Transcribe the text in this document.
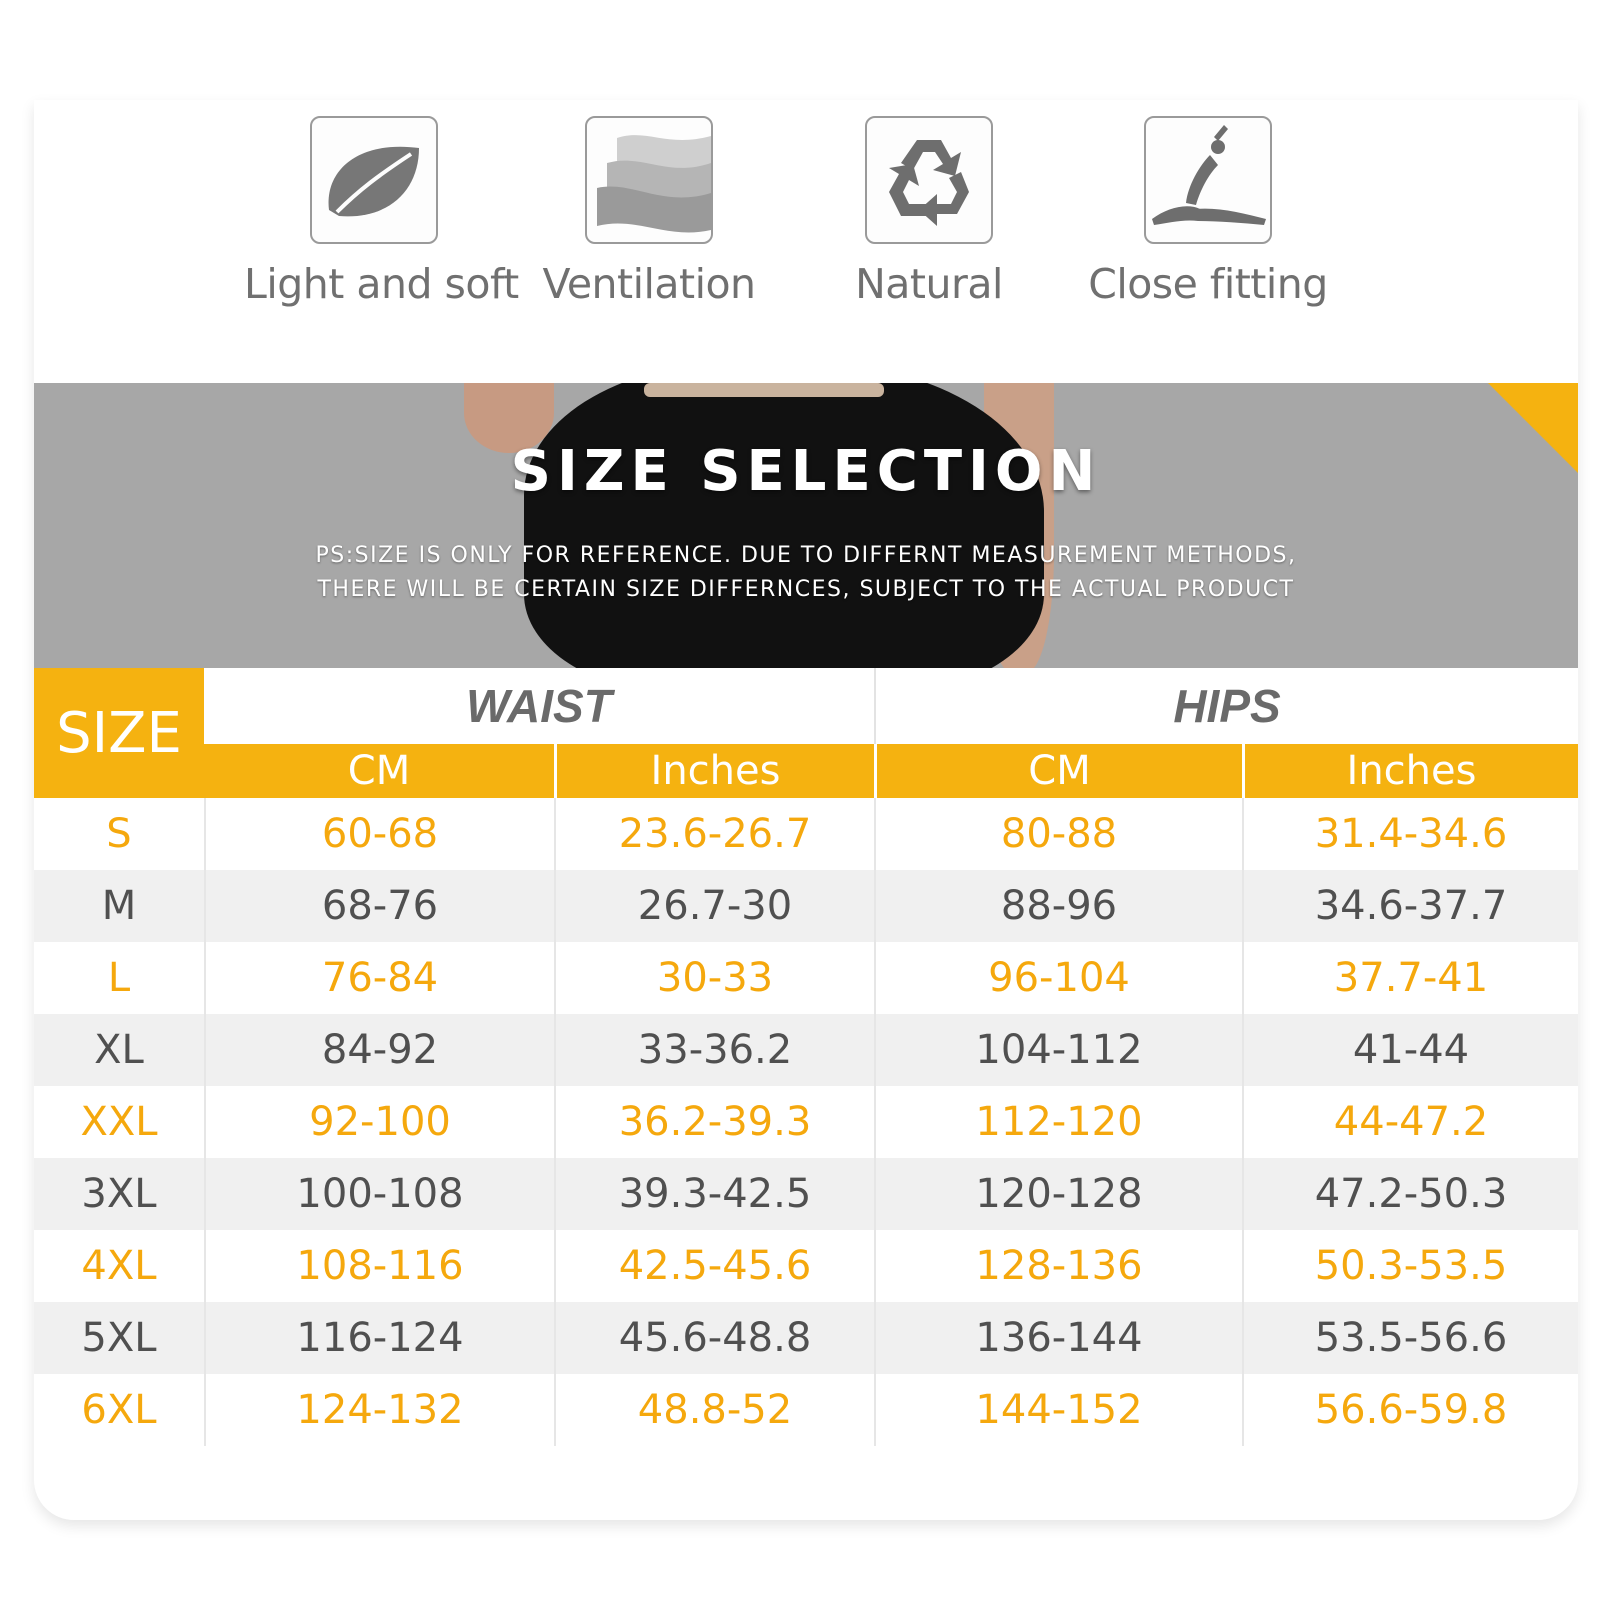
Light and soft Ventilation	Natural	Close fitting
SIZE SELECTION
PS:SIZE IS ONLY FOR REFERENCE. DUE TO DIFFERNT MEASUREMENT METHODS,
THERE WILL BE CERTAIN SIZE DIFFERNCES, SUBJECT TO THE ACTUAL PRODUCT
SIZE	WAIST	HIPS
CM	Inches	CM	Inches
S	60-68	23.6-26.7	80-88	31.4-34.6
M	68-76	26.7-30	88-96	34.6-37.7
L	76-84	30-33	96-104	37.7-41
XL	84-92	33-36.2	104-112	41-44
XXL	92-100	36.2-39.3	112-120	44-47.2
3XL	100-108	39.3-42.5	120-128	47.2-50.3
4XL	108-116	42.5-45.6	128-136	50.3-53.5
5XL	116-124	45.6-48.8	136-144	53.5-56.6
6XL	124-132	48.8-52	144-152	56.6-59.8
